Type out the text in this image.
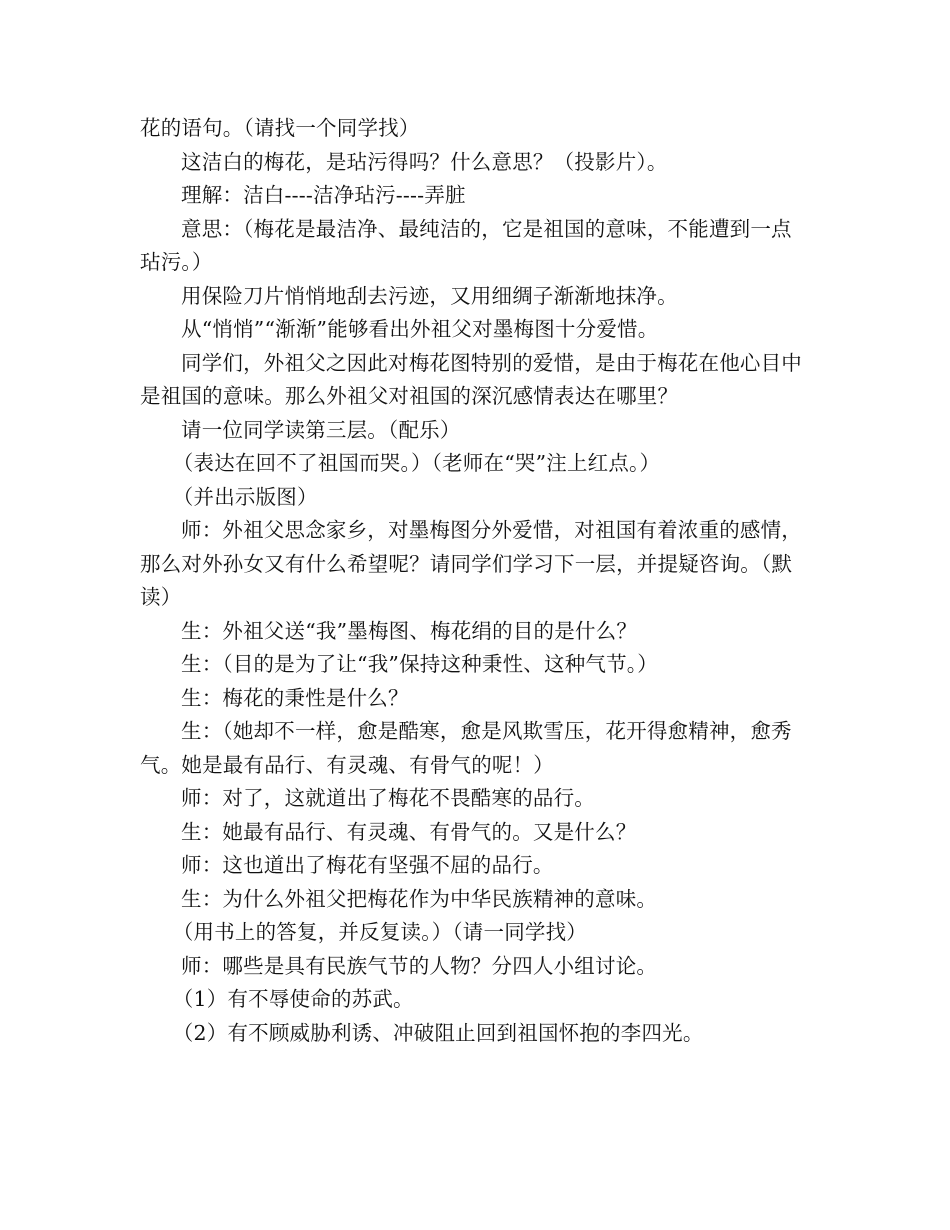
花的语句。（请找一个同学找）

这洁白的梅花，是玷污得吗？什么意思？（投影片）。

理解：洁白----洁净玷污----弄脏

意思：（梅花是最洁净、最纯洁的，它是祖国的意味，不能遭到一点玷污。）

用保险刀片悄悄地刮去污迹，又用细绸子渐渐地抹净。

从“悄悄”“渐渐”能够看出外祖父对墨梅图十分爱惜。

同学们，外祖父之因此对梅花图特别的爱惜，是由于梅花在他心目中是祖国的意味。那么外祖父对祖国的深沉感情表达在哪里？

请一位同学读第三层。（配乐）

（表达在回不了祖国而哭。）（老师在“哭”注上红点。）

（并出示版图）

师：外祖父思念家乡，对墨梅图分外爱惜，对祖国有着浓重的感情，那么对外孙女又有什么希望呢？请同学们学习下一层，并提疑咨询。（默读）

生：外祖父送“我”墨梅图、梅花绢的目的是什么？

生：（目的是为了让“我”保持这种秉性、这种气节。）

生：梅花的秉性是什么？

生：（她却不一样，愈是酷寒，愈是风欺雪压，花开得愈精神，愈秀气。她是最有品行、有灵魂、有骨气的呢！）

师：对了，这就道出了梅花不畏酷寒的品行。

生：她最有品行、有灵魂、有骨气的。又是什么？

师：这也道出了梅花有坚强不屈的品行。

生：为什么外祖父把梅花作为中华民族精神的意味。

（用书上的答复，并反复读。）（请一同学找）

师：哪些是具有民族气节的人物？分四人小组讨论。

（1）有不辱使命的苏武。

（2）有不顾威胁利诱、冲破阻止回到祖国怀抱的李四光。
